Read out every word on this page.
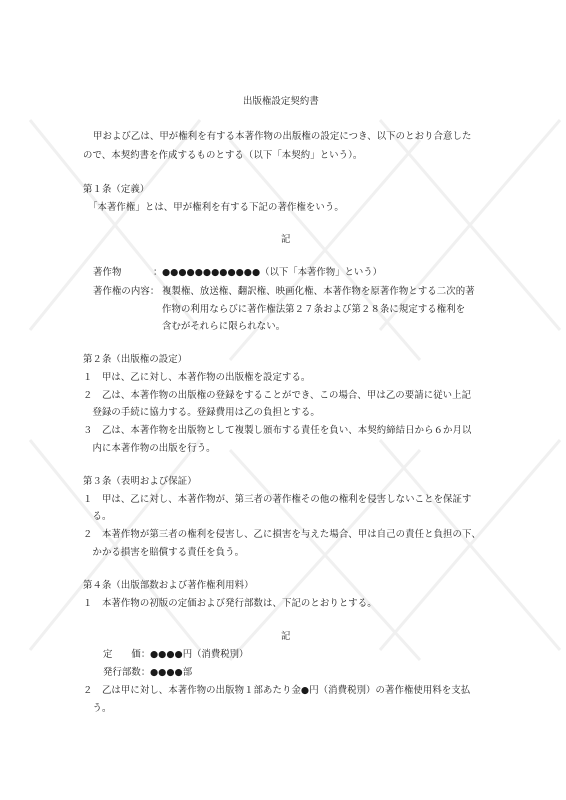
出版権設定契約書
甲および乙は、甲が権利を有する本著作物の出版権の設定につき、以下のとおり合意した
ので、本契約書を作成するものとする（以下「本契約」という）。
第１条（定義）
「本著作権」とは、甲が権利を有する下記の著作権をいう。
記
著作物	： ●●●●●●●●●●●●（以下「本著作物」という）
著作権の内容： 複製権、放送権、翻訳権、映画化権、本著作物を原著作物とする二次的著
作物の利用ならびに著作権法第２７条および第２８条に規定する権利を
含むがそれらに限られない。
第２条（出版権の設定）
１　甲は、乙に対し、本著作物の出版権を設定する。
２　乙は、本著作物の出版権の登録をすることができ、この場合、甲は乙の要請に従い上記
　登録の手続に協力する。登録費用は乙の負担とする。
３　乙は、本著作物を出版物として複製し頒布する責任を負い、本契約締結日から６か月以
　内に本著作物の出版を行う。
第３条（表明および保証）
１　甲は、乙に対し、本著作物が、第三者の著作権その他の権利を侵害しないことを保証す
　る。
２　本著作物が第三者の権利を侵害し、乙に損害を与えた場合、甲は自己の責任と負担の下、
　かかる損害を賠償する責任を負う。
第４条（出版部数および著作権利用料）
１　本著作物の初版の定価および発行部数は、下記のとおりとする。
記
定　　価： ●●●●円（消費税別）
発行部数： ●●●●部
２　乙は甲に対し、本著作物の出版物１部あたり金●円（消費税別）の著作権使用料を支払
　う。
